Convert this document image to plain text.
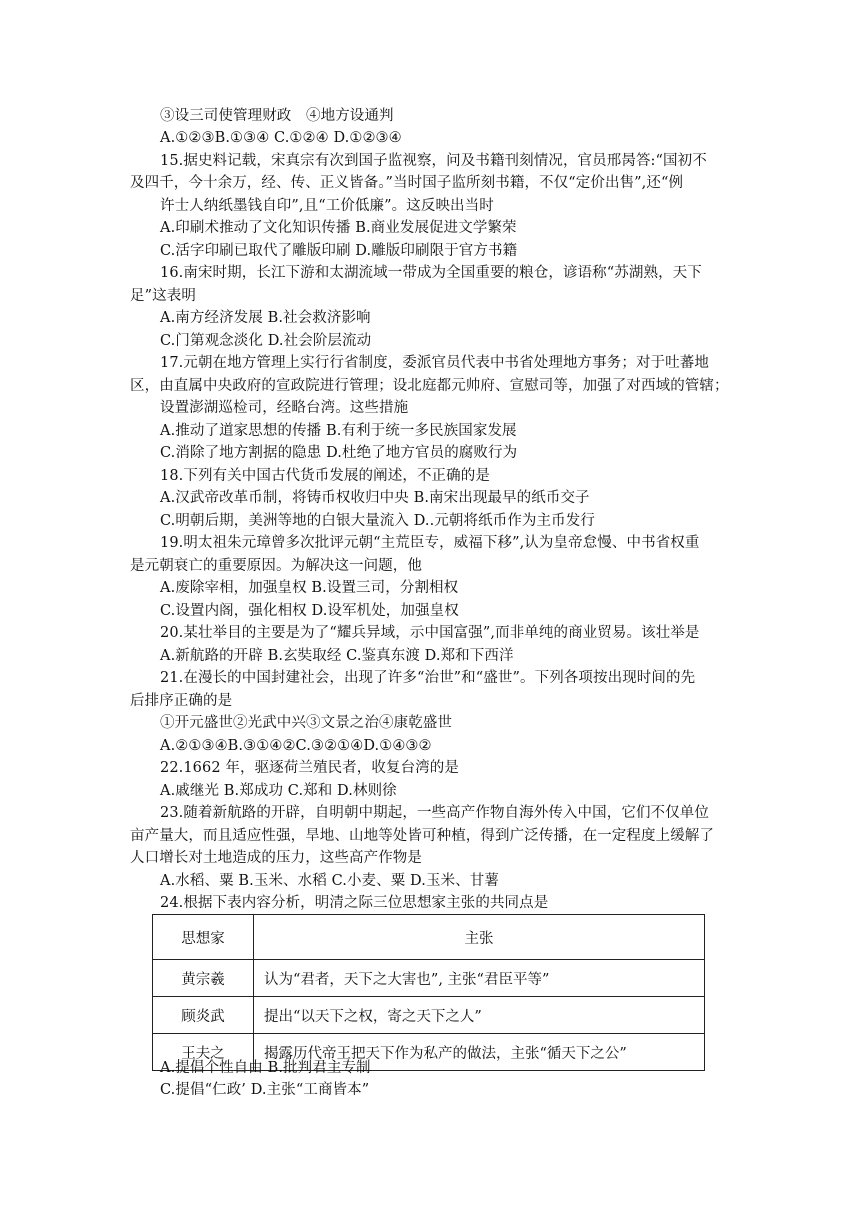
③设三司使管理财政　④地方设通判
A.①②③B.①③④ C.①②④ D.①②③④
15.据史料记载，宋真宗有次到国子监视察，问及书籍刊刻情况，官员邢昺答:“国初不
及四千，今十余万，经、传、正义皆备。”当时国子监所刻书籍，不仅“定价出售”,还“例
许士人纳纸墨钱自印”,且“工价低廉”。这反映出当时
A.印刷术推动了文化知识传播 B.商业发展促进文学繁荣
C.活字印刷已取代了雕版印刷 D.雕版印刷限于官方书籍
16.南宋时期，长江下游和太湖流域一带成为全国重要的粮仓，谚语称“苏湖熟，天下
足”这表明
A.南方经济发展 B.社会救济影响
C.门第观念淡化 D.社会阶层流动
17.元朝在地方管理上实行行省制度，委派官员代表中书省处理地方事务；对于吐蕃地
区，由直属中央政府的宣政院进行管理；设北庭都元帅府、宣慰司等，加强了对西域的管辖；
设置澎湖巡检司，经略台湾。这些措施
A.推动了道家思想的传播 B.有利于统一多民族国家发展
C.消除了地方割据的隐患 D.杜绝了地方官员的腐败行为
18.下列有关中国古代货币发展的阐述，不正确的是
A.汉武帝改革币制，将铸币权收归中央 B.南宋出现最早的纸币交子
C.明朝后期，美洲等地的白银大量流入 D..元朝将纸币作为主币发行
19.明太祖朱元璋曾多次批评元朝“主荒臣专，威福下移”,认为皇帝怠慢、中书省权重
是元朝衰亡的重要原因。为解决这一问题，他
A.废除宰相，加强皇权 B.设置三司，分割相权
C.设置内阁，强化相权 D.设军机处，加强皇权
20.某壮举目的主要是为了“耀兵异域，示中国富强”,而非单纯的商业贸易。该壮举是
A.新航路的开辟 B.玄奘取经 C.鉴真东渡 D.郑和下西洋
21.在漫长的中国封建社会，出现了许多“治世”和“盛世”。下列各项按出现时间的先
后排序正确的是
①开元盛世②光武中兴③文景之治④康乾盛世
A.②①③④B.③①④②C.③②①④D.①④③②
22.1662 年，驱逐荷兰殖民者，收复台湾的是
A.戚继光 B.郑成功 C.郑和 D.林则徐
23.随着新航路的开辟，自明朝中期起，一些高产作物自海外传入中国，它们不仅单位
亩产量大，而且适应性强，旱地、山地等处皆可种植，得到广泛传播，在一定程度上缓解了
人口增长对土地造成的压力，这些高产作物是
A.水稻、粟 B.玉米、水稻 C.小麦、粟 D.玉米、甘薯
24.根据下表内容分析，明清之际三位思想家主张的共同点是
思想家	主张
黄宗羲	认为“君者，天下之大害也”, 主张“君臣平等”
顾炎武	提出“以天下之权，寄之天下之人”
王夫之	揭露历代帝王把天下作为私产的做法，主张“循天下之公”
A.提倡个性自由 B.批判君主专制
C.提倡“仁政’ D.主张“工商皆本”
